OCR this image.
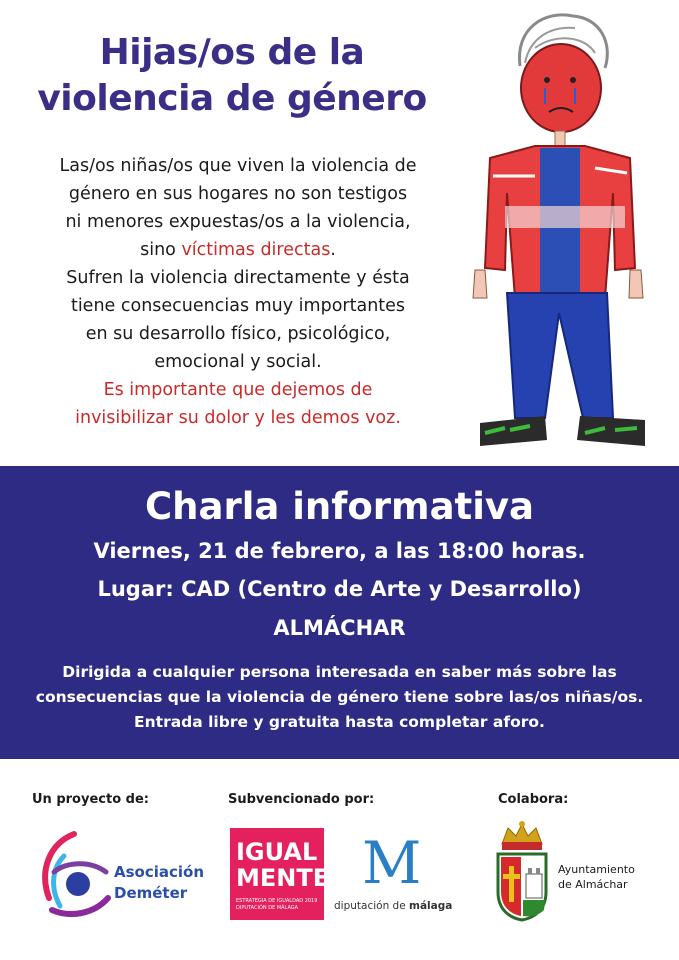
Hijas/os de la
violencia de género
Las/os niñas/os que viven la violencia de
género en sus hogares no son testigos
ni menores expuestas/os a la violencia,
sino víctimas directas.
Sufren la violencia directamente y ésta
tiene consecuencias muy importantes
en su desarrollo físico, psicológico,
emocional y social.
Es importante que dejemos de
invisibilizar su dolor y les demos voz.
Charla informativa
Viernes, 21 de febrero, a las 18:00 horas.
Lugar: CAD (Centro de Arte y Desarrollo)
ALMÁCHAR
Dirigida a cualquier persona interesada en saber más sobre las
consecuencias que la violencia de género tiene sobre las/os niñas/os.
Entrada libre y gratuita hasta completar aforo.
Un proyecto de:	Subvencionado por:	Colabora:
Asociación
Deméter
IGUAL
MENTE
ESTRATEGIA DE IGUALDAD 2019
DIPUTACIÓN DE MÁLAGA
M
diputación de málaga
Ayuntamiento
de Almáchar
